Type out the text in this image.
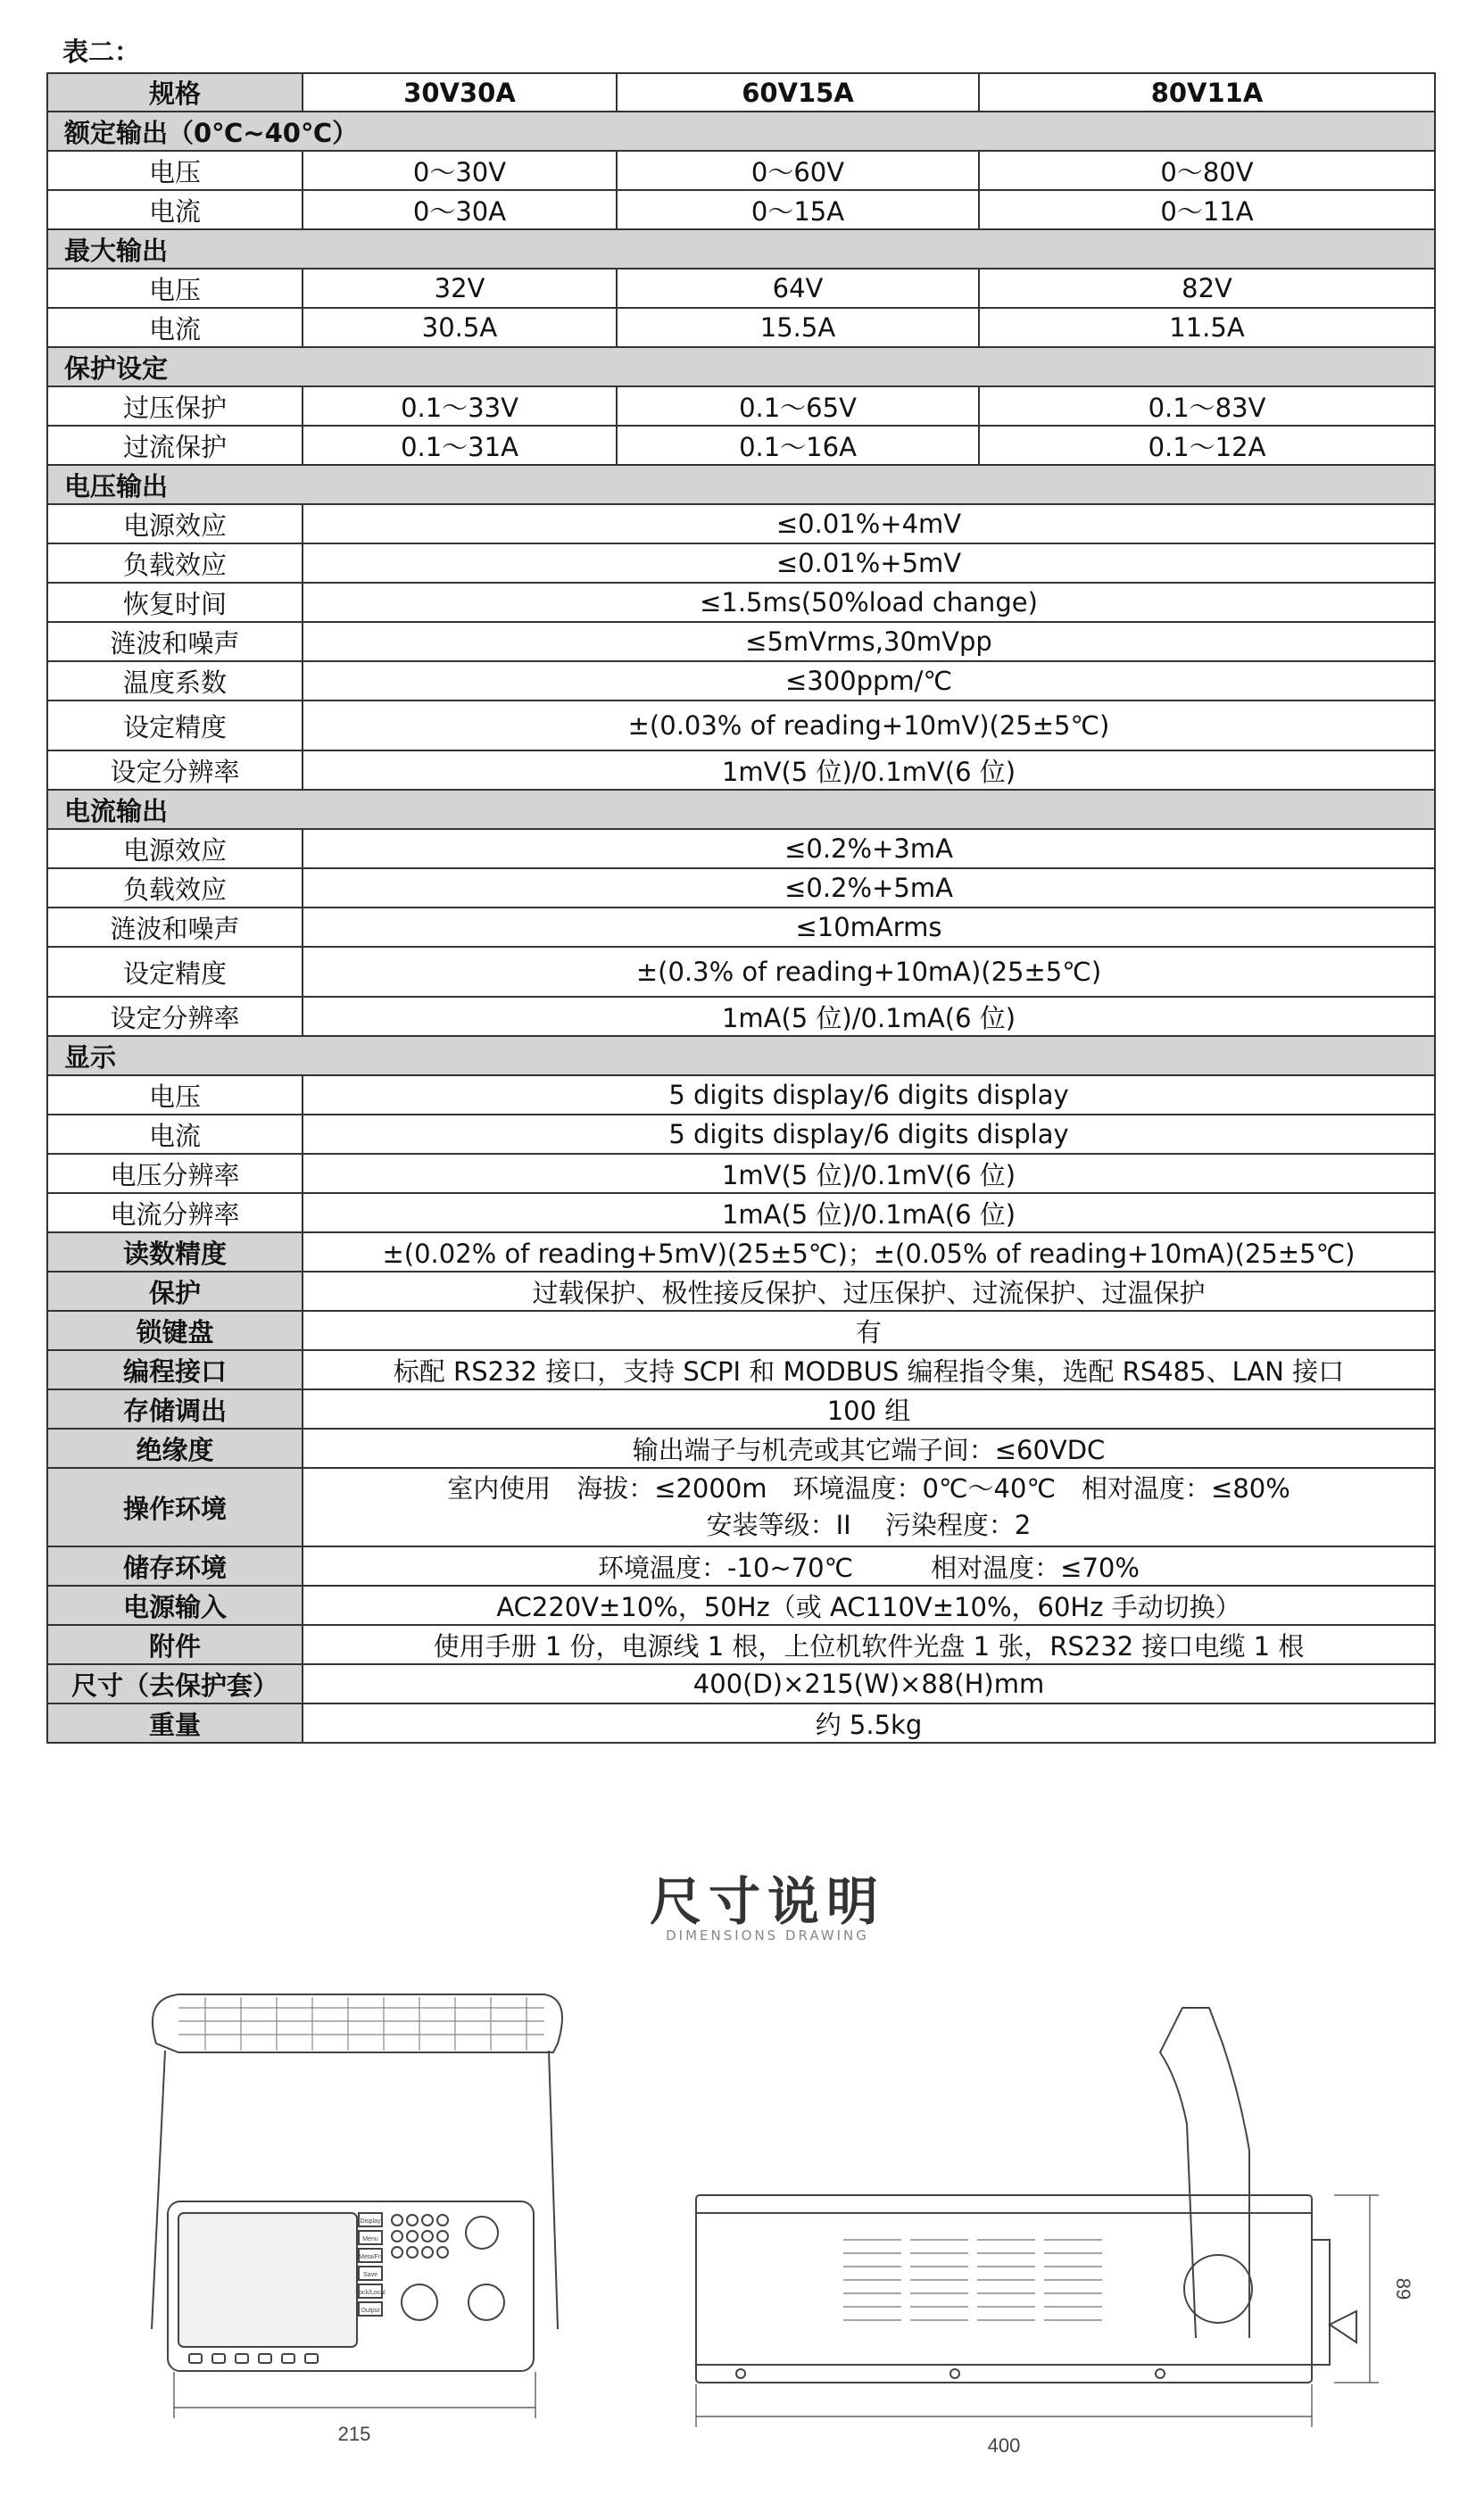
表二：
规格	30V30A	60V15A	80V11A
额定输出（0℃~40℃）			
电压	0～30V	0～60V	0～80V
电流	0～30A	0～15A	0～11A
最大输出			
电压	32V	64V	82V
电流	30.5A	15.5A	11.5A
保护设定			
过压保护	0.1～33V	0.1～65V	0.1～83V
过流保护	0.1～31A	0.1～16A	0.1～12A
电压输出			
电源效应	≤0.01%+4mV		
负载效应	≤0.01%+5mV		
恢复时间	≤1.5ms(50%load change)		
涟波和噪声	≤5mVrms,30mVpp		
温度系数	≤300ppm/℃		
设定精度	±(0.03% of reading+10mV)(25±5℃)		
设定分辨率	1mV(5 位)/0.1mV(6 位)		
电流输出			
电源效应	≤0.2%+3mA		
负载效应	≤0.2%+5mA		
涟波和噪声	≤10mArms		
设定精度	±(0.3% of reading+10mA)(25±5℃)		
设定分辨率	1mA(5 位)/0.1mA(6 位)		
显示			
电压	5 digits display/6 digits display		
电流	5 digits display/6 digits display		
电压分辨率	1mV(5 位)/0.1mV(6 位)		
电流分辨率	1mA(5 位)/0.1mA(6 位)		
读数精度	±(0.02% of reading+5mV)(25±5℃)；±(0.05% of reading+10mA)(25±5℃)		
保护	过载保护、极性接反保护、过压保护、过流保护、过温保护		
锁键盘	有		
编程接口	标配 RS232 接口，支持 SCPI 和 MODBUS 编程指令集，选配 RS485、LAN 接口		
存储调出	100 组		
绝缘度	输出端子与机壳或其它端子间：≤60VDC		
操作环境	室内使用　海拔：≤2000m　环境温度：0℃～40℃　相对温度：≤80%
安装等级：II　 污染程度：2		

储存环境	环境温度：-10~70℃　　　相对温度：≤70%		
电源输入	AC220V±10%，50Hz（或 AC110V±10%，60Hz 手动切换）		
附件	使用手册 1 份，电源线 1 根，上位机软件光盘 1 张，RS232 接口电缆 1 根		
尺寸（去保护套）	400(D)×215(W)×88(H)mm		
重量	约 5.5kg		
尺寸说明
DIMENSIONS DRAWING
215
400
89
Display
Menu
Meta/Fn
Save
Lock/Local
Output
